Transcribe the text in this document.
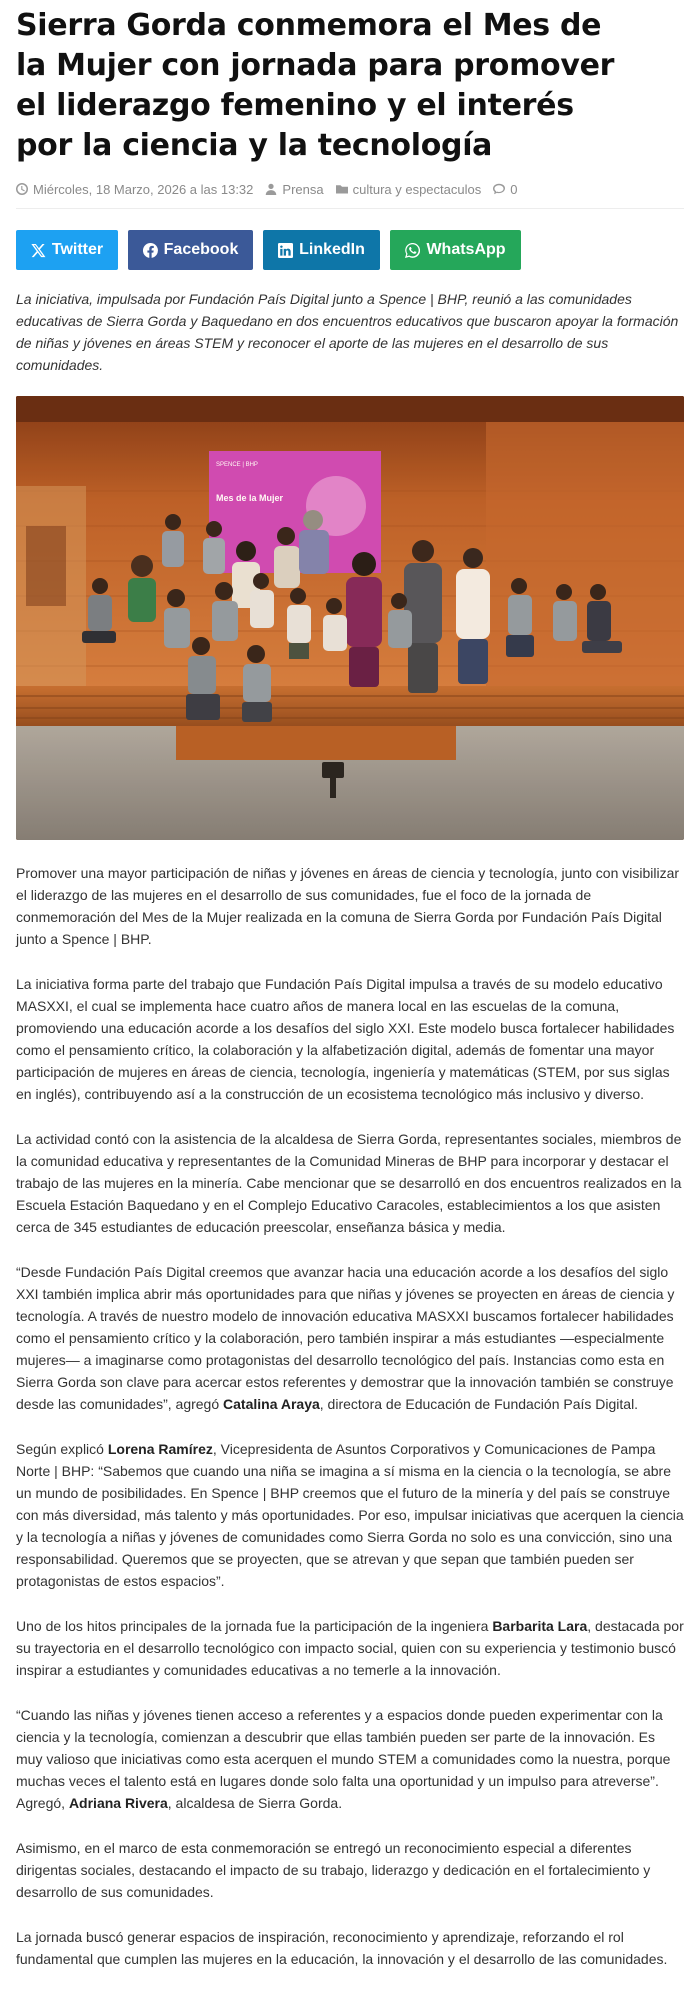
Sierra Gorda conmemora el Mes de la Mujer con jornada para promover el liderazgo femenino y el interés por la ciencia y la tecnología
Miércoles, 18 Marzo, 2026 a las 13:32 Prensa cultura y espectaculos 0
Twitter	Facebook	LinkedIn	WhatsApp

La iniciativa, impulsada por Fundación País Digital junto a Spence | BHP, reunió a las comunidades educativas de Sierra Gorda y Baquedano en dos encuentros educativos que buscaron apoyar la formación de niñas y jóvenes en áreas STEM y reconocer el aporte de las mujeres en el desarrollo de sus comunidades.

SPENCE | BHP
Mes de la Mujer

Promover una mayor participación de niñas y jóvenes en áreas de ciencia y tecnología, junto con visibilizar el liderazgo de las mujeres en el desarrollo de sus comunidades, fue el foco de la jornada de conmemoración del Mes de la Mujer realizada en la comuna de Sierra Gorda por Fundación País Digital junto a Spence | BHP.

La iniciativa forma parte del trabajo que Fundación País Digital impulsa a través de su modelo educativo MASXXI, el cual se implementa hace cuatro años de manera local en las escuelas de la comuna, promoviendo una educación acorde a los desafíos del siglo XXI. Este modelo busca fortalecer habilidades como el pensamiento crítico, la colaboración y la alfabetización digital, además de fomentar una mayor participación de mujeres en áreas de ciencia, tecnología, ingeniería y matemáticas (STEM, por sus siglas en inglés), contribuyendo así a la construcción de un ecosistema tecnológico más inclusivo y diverso.

La actividad contó con la asistencia de la alcaldesa de Sierra Gorda, representantes sociales, miembros de la comunidad educativa y representantes de la Comunidad Mineras de BHP para incorporar y destacar el trabajo de las mujeres en la minería. Cabe mencionar que se desarrolló en dos encuentros realizados en la Escuela Estación Baquedano y en el Complejo Educativo Caracoles, establecimientos a los que asisten cerca de 345 estudiantes de educación preescolar, enseñanza básica y media.

“Desde Fundación País Digital creemos que avanzar hacia una educación acorde a los desafíos del siglo XXI también implica abrir más oportunidades para que niñas y jóvenes se proyecten en áreas de ciencia y tecnología. A través de nuestro modelo de innovación educativa MASXXI buscamos fortalecer habilidades como el pensamiento crítico y la colaboración, pero también inspirar a más estudiantes —especialmente mujeres— a imaginarse como protagonistas del desarrollo tecnológico del país. Instancias como esta en Sierra Gorda son clave para acercar estos referentes y demostrar que la innovación también se construye desde las comunidades”, agregó Catalina Araya, directora de Educación de Fundación País Digital.

Según explicó Lorena Ramírez, Vicepresidenta de Asuntos Corporativos y Comunicaciones de Pampa Norte | BHP: “Sabemos que cuando una niña se imagina a sí misma en la ciencia o la tecnología, se abre un mundo de posibilidades. En Spence | BHP creemos que el futuro de la minería y del país se construye con más diversidad, más talento y más oportunidades. Por eso, impulsar iniciativas que acerquen la ciencia y la tecnología a niñas y jóvenes de comunidades como Sierra Gorda no solo es una convicción, sino una responsabilidad. Queremos que se proyecten, que se atrevan y que sepan que también pueden ser protagonistas de estos espacios”.

Uno de los hitos principales de la jornada fue la participación de la ingeniera Barbarita Lara, destacada por su trayectoria en el desarrollo tecnológico con impacto social, quien con su experiencia y testimonio buscó inspirar a estudiantes y comunidades educativas a no temerle a la innovación.

“Cuando las niñas y jóvenes tienen acceso a referentes y a espacios donde pueden experimentar con la ciencia y la tecnología, comienzan a descubrir que ellas también pueden ser parte de la innovación. Es muy valioso que iniciativas como esta acerquen el mundo STEM a comunidades como la nuestra, porque muchas veces el talento está en lugares donde solo falta una oportunidad y un impulso para atreverse”. Agregó, Adriana Rivera, alcaldesa de Sierra Gorda.

Asimismo, en el marco de esta conmemoración se entregó un reconocimiento especial a diferentes dirigentas sociales, destacando el impacto de su trabajo, liderazgo y dedicación en el fortalecimiento y desarrollo de sus comunidades.

La jornada buscó generar espacios de inspiración, reconocimiento y aprendizaje, reforzando el rol fundamental que cumplen las mujeres en la educación, la innovación y el desarrollo de las comunidades.
